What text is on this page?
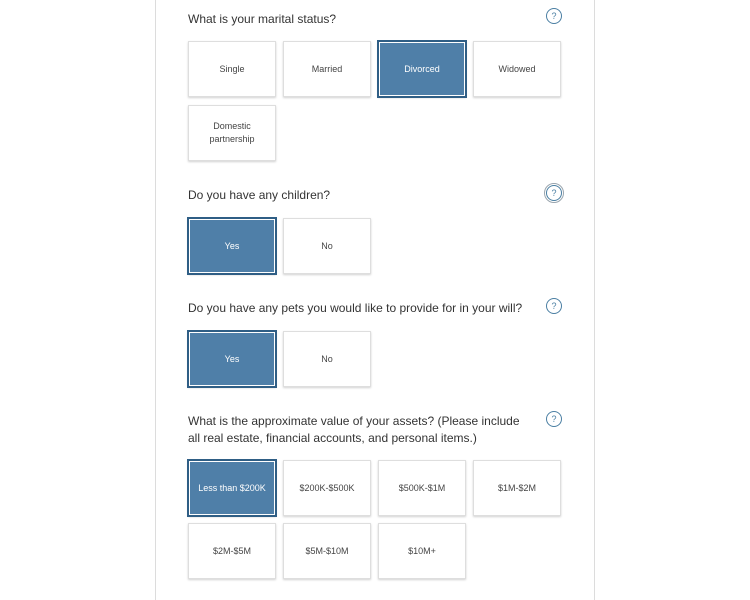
What is your marital status?	?
Single	Married	Divorced	Widowed
Domestic partnership
Do you have any children?	?
Yes	No
Do you have any pets you would like to provide for in your will?	?
Yes	No
What is the approximate value of your assets? (Please include all real estate, financial accounts, and personal items.)
?
Less than $200K	$200K-$500K	$500K-$1M	$1M-$2M
$2M-$5M	$5M-$10M	$10M+
